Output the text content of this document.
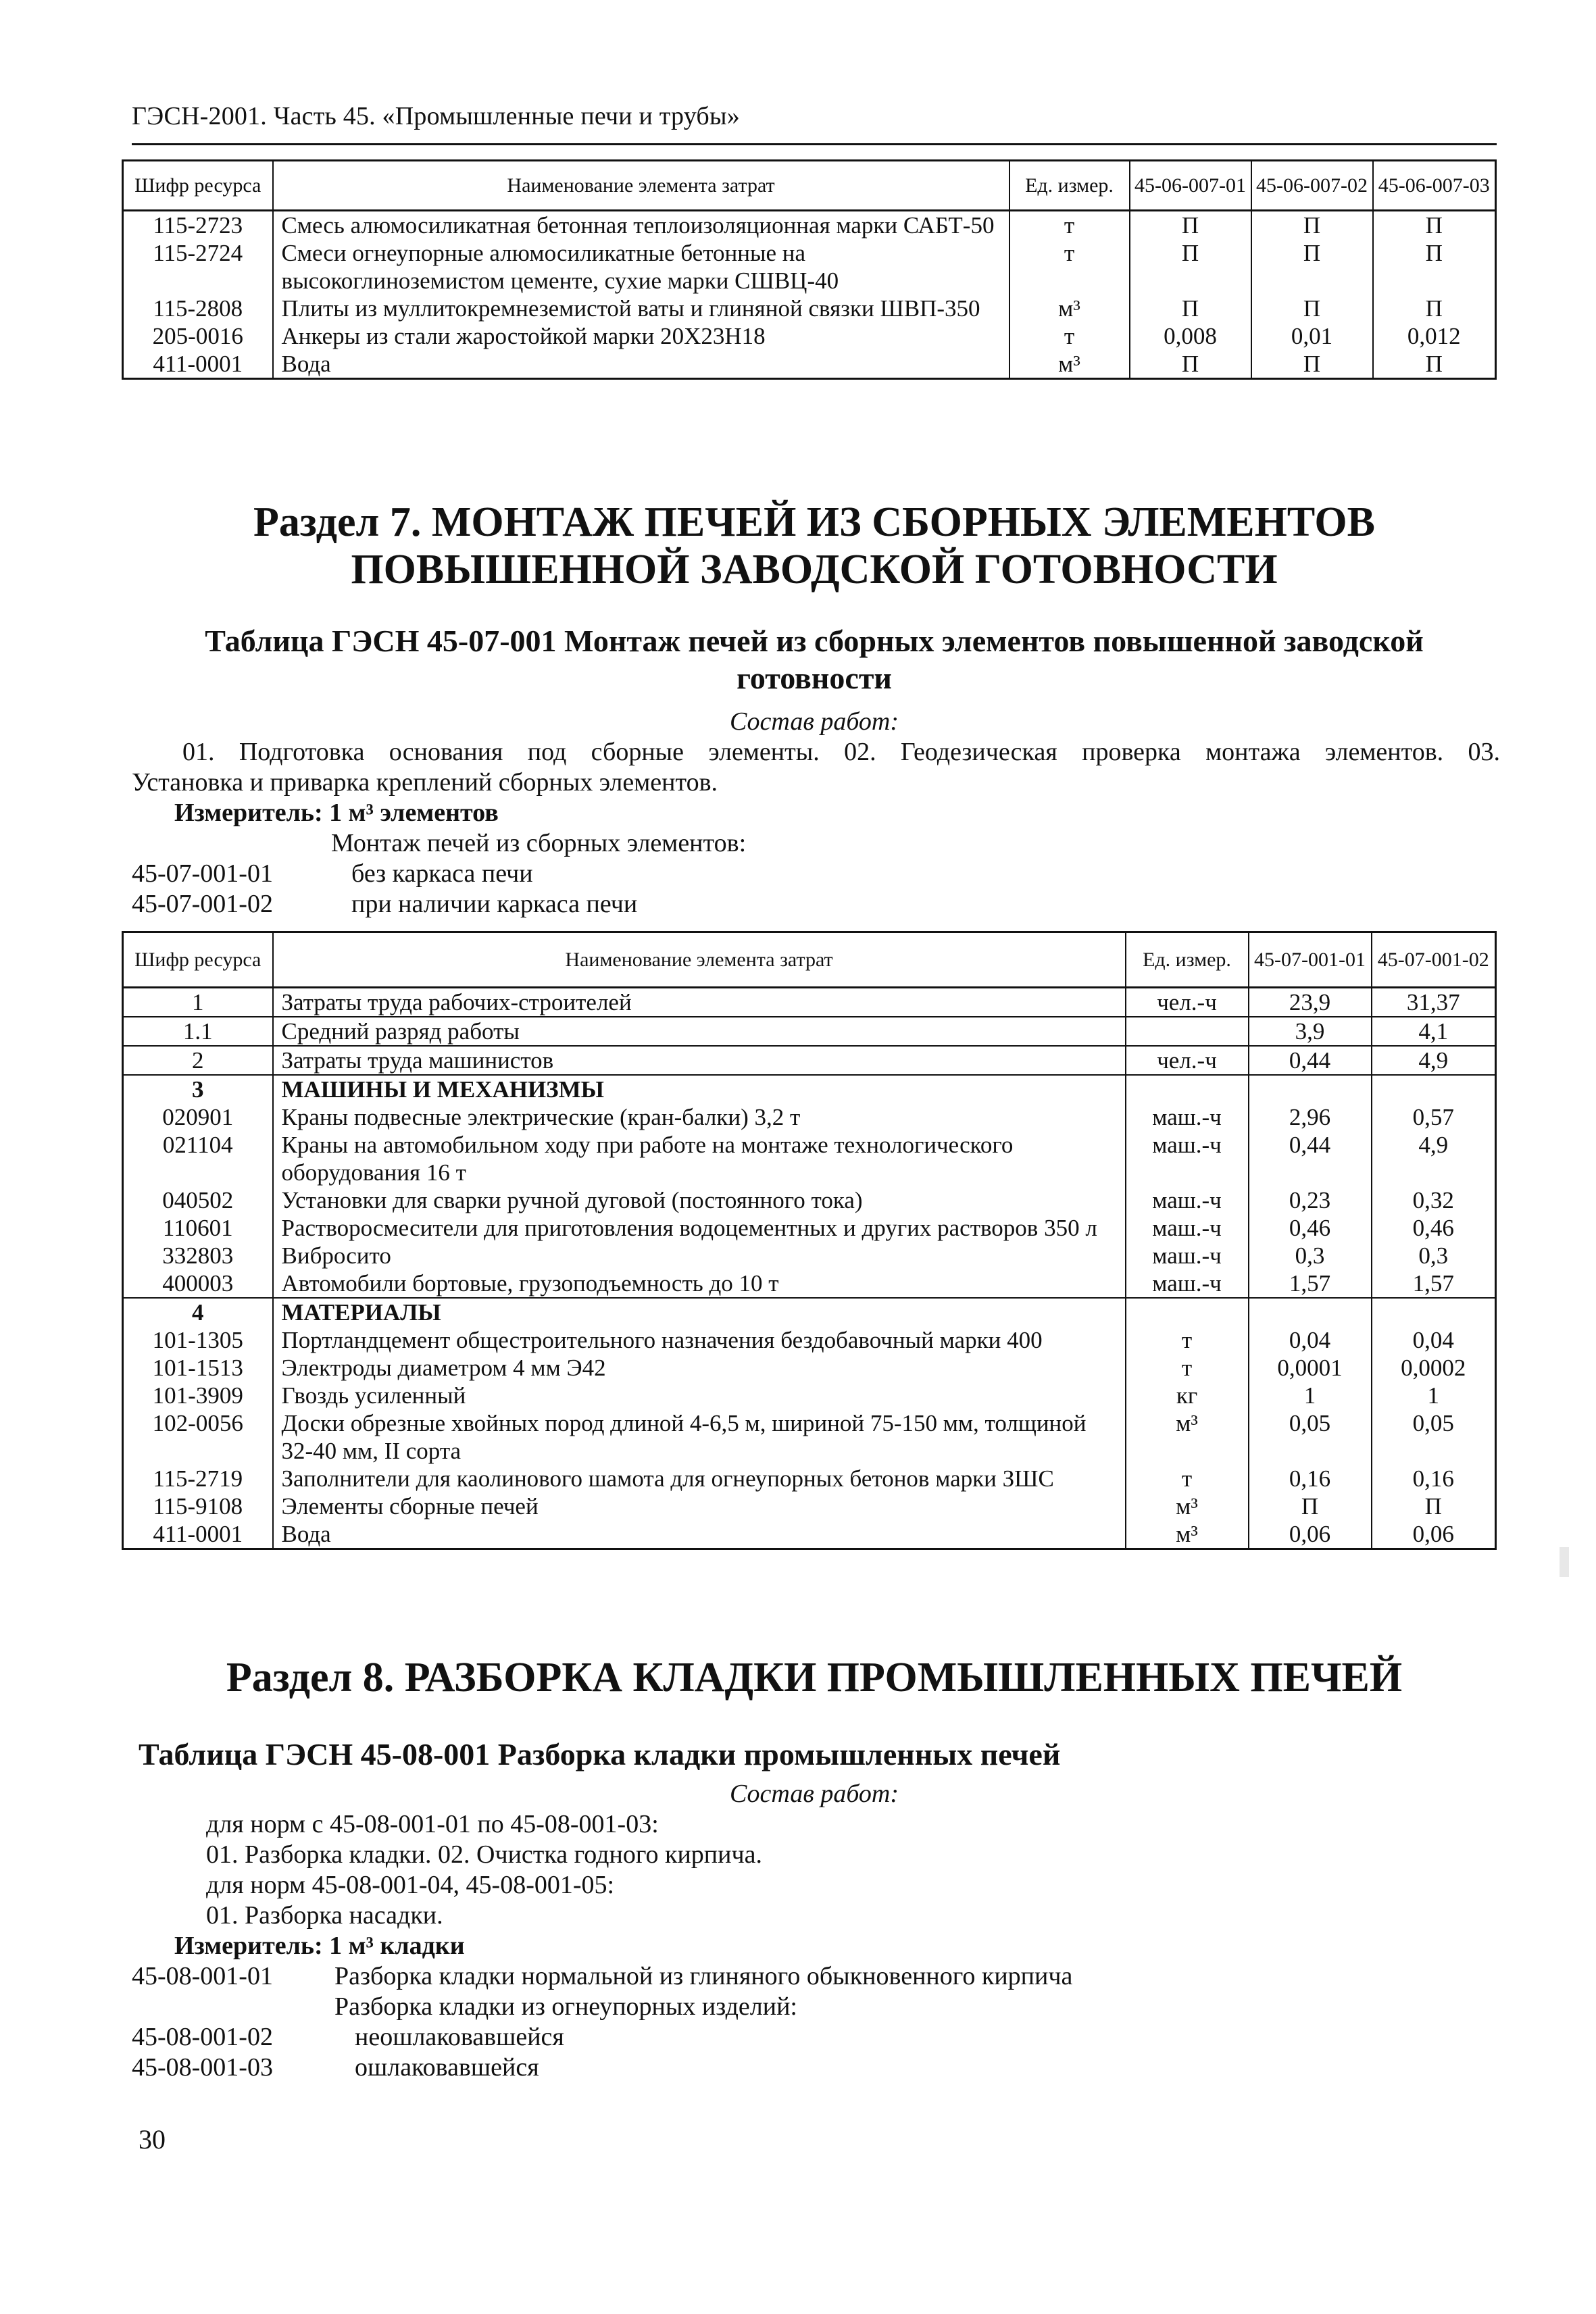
ГЭСН-2001. Часть 45. «Промышленные печи и трубы»
Шифр ресурса	Наименование элемента затрат	Ед. измер.	45-06-007-01	45-06-007-02	45-06-007-03
115-2723	Смесь алюмосиликатная бетонная теплоизоляционная марки САБТ-50	т	П	П	П
115-2724	Смеси огнеупорные алюмосиликатные бетонные на высокоглиноземистом цементе, сухие марки СШВЦ-40	т	П	П	П
115-2808	Плиты из муллитокремнеземистой ваты и глиняной связки ШВП-350	м³	П	П	П
205-0016	Анкеры из стали жаростойкой марки 20Х23Н18	т	0,008	0,01	0,012
411-0001	Вода	м³	П	П	П
Раздел 7. МОНТАЖ ПЕЧЕЙ ИЗ СБОРНЫХ ЭЛЕМЕНТОВ
ПОВЫШЕННОЙ ЗАВОДСКОЙ ГОТОВНОСТИ
Таблица ГЭСН 45-07-001 Монтаж печей из сборных элементов повышенной заводской
готовности
Состав работ:
01. Подготовка основания под сборные элементы. 02. Геодезическая проверка монтажа элементов. 03.
Установка и приварка креплений сборных элементов.
Измеритель: 1 м³ элементов
Монтаж печей из сборных элементов:
45-07-001-01	без каркаса печи
45-07-001-02	при наличии каркаса печи
Шифр ресурса	Наименование элемента затрат	Ед. измер.	45-07-001-01	45-07-001-02
1	Затраты труда рабочих-строителей	чел.-ч	23,9	31,37
1.1	Средний разряд работы		3,9	4,1
2	Затраты труда машинистов	чел.-ч	0,44	4,9
3	МАШИНЫ И МЕХАНИЗМЫ			
020901	Краны подвесные электрические (кран-балки) 3,2 т	маш.-ч	2,96	0,57
021104	Краны на автомобильном ходу при работе на монтаже технологического оборудования 16 т	маш.-ч	0,44	4,9
040502	Установки для сварки ручной дуговой (постоянного тока)	маш.-ч	0,23	0,32
110601	Растворосмесители для приготовления водоцементных и других растворов 350 л	маш.-ч	0,46	0,46
332803	Вибросито	маш.-ч	0,3	0,3
400003	Автомобили бортовые, грузоподъемность до 10 т	маш.-ч	1,57	1,57
4	МАТЕРИАЛЫ			
101-1305	Портландцемент общестроительного назначения бездобавочный марки 400	т	0,04	0,04
101-1513	Электроды диаметром 4 мм Э42	т	0,0001	0,0002
101-3909	Гвоздь усиленный	кг	1	1
102-0056	Доски обрезные хвойных пород длиной 4-6,5 м, шириной 75-150 мм, толщиной 32-40 мм, II сорта	м³	0,05	0,05
115-2719	Заполнители для каолинового шамота для огнеупорных бетонов марки ЗШС	т	0,16	0,16
115-9108	Элементы сборные печей	м³	П	П
411-0001	Вода	м³	0,06	0,06
Раздел 8. РАЗБОРКА КЛАДКИ ПРОМЫШЛЕННЫХ ПЕЧЕЙ
Таблица ГЭСН 45-08-001 Разборка кладки промышленных печей
Состав работ:
для норм с 45-08-001-01 по 45-08-001-03:
01. Разборка кладки. 02. Очистка годного кирпича.
для норм 45-08-001-04, 45-08-001-05:
01. Разборка насадки.
Измеритель: 1 м³ кладки
45-08-001-01 Разборка кладки нормальной из глиняного обыкновенного кирпича
Разборка кладки из огнеупорных изделий:
45-08-001-02	неошлаковавшейся
45-08-001-03	ошлаковавшейся
30
